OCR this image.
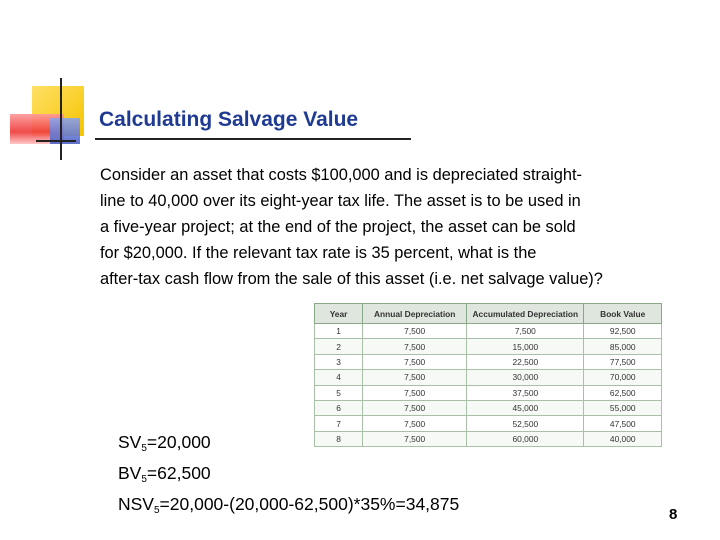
Calculating Salvage Value

Consider an asset that costs $100,000 and is depreciated straight-
line to 40,000 over its eight-year tax life. The asset is to be used in
a five-year project; at the end of the project, the asset can be sold
for $20,000. If the relevant tax rate is 35 percent, what is the
after-tax cash flow from the sale of this asset (i.e. net salvage value)?

Year	Annual Depreciation	Accumulated Depreciation	Book Value
1	7,500	7,500	92,500
2	7,500	15,000	85,000
3	7,500	22,500	77,500
4	7,500	30,000	70,000
5	7,500	37,500	62,500
6	7,500	45,000	55,000
7	7,500	52,500	47,500
8	7,500	60,000	40,000
$SV_5=20,000$
$BV_5=62,500$
$NSV_5=20,000-(20,000-62,500)*35\%=34,875$
8
